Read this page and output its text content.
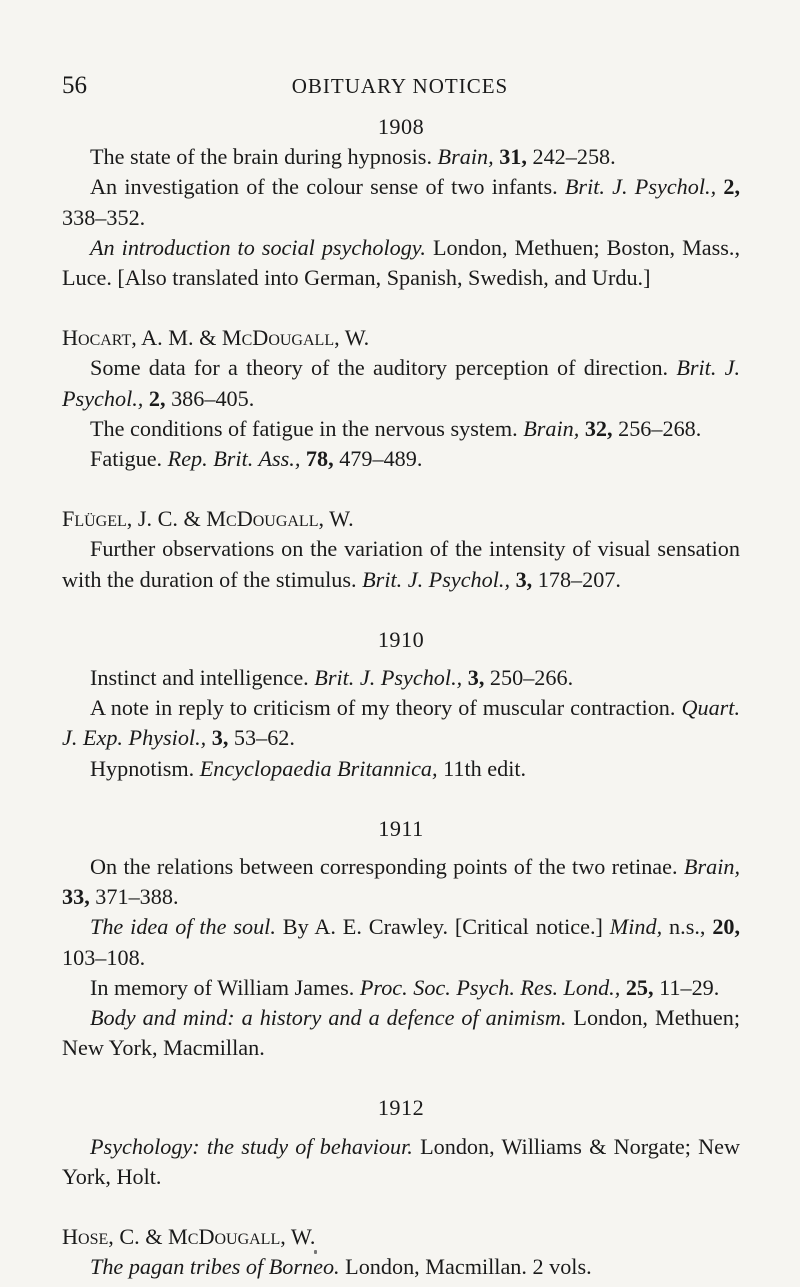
56	OBITUARY NOTICES

1908

The state of the brain during hypnosis. Brain, 31, 242–258.

An investigation of the colour sense of two infants. Brit. J. Psychol., 2, 338–352.

An introduction to social psychology. London, Methuen; Boston, Mass., Luce. [Also translated into German, Spanish, Swedish, and Urdu.]

Hocart, A. M. & McDougall, W.

Some data for a theory of the auditory perception of direction. Brit. J. Psychol., 2, 386–405.

The conditions of fatigue in the nervous system. Brain, 32, 256–268.

Fatigue. Rep. Brit. Ass., 78, 479–489.

Flügel, J. C. & McDougall, W.

Further observations on the variation of the intensity of visual sensation with the duration of the stimulus. Brit. J. Psychol., 3, 178–207.

1910

Instinct and intelligence. Brit. J. Psychol., 3, 250–266.

A note in reply to criticism of my theory of muscular contraction. Quart. J. Exp. Physiol., 3, 53–62.

Hypnotism. Encyclopaedia Britannica, 11th edit.

1911

On the relations between corresponding points of the two retinae. Brain, 33, 371–388.

The idea of the soul. By A. E. Crawley. [Critical notice.] Mind, n.s., 20, 103–108.

In memory of William James. Proc. Soc. Psych. Res. Lond., 25, 11–29.

Body and mind: a history and a defence of animism. London, Methuen; New York, Macmillan.

1912

Psychology: the study of behaviour. London, Williams & Norgate; New York, Holt.

Hose, C. & McDougall, W.

The pagan tribes of Borneo. London, Macmillan. 2 vols.
